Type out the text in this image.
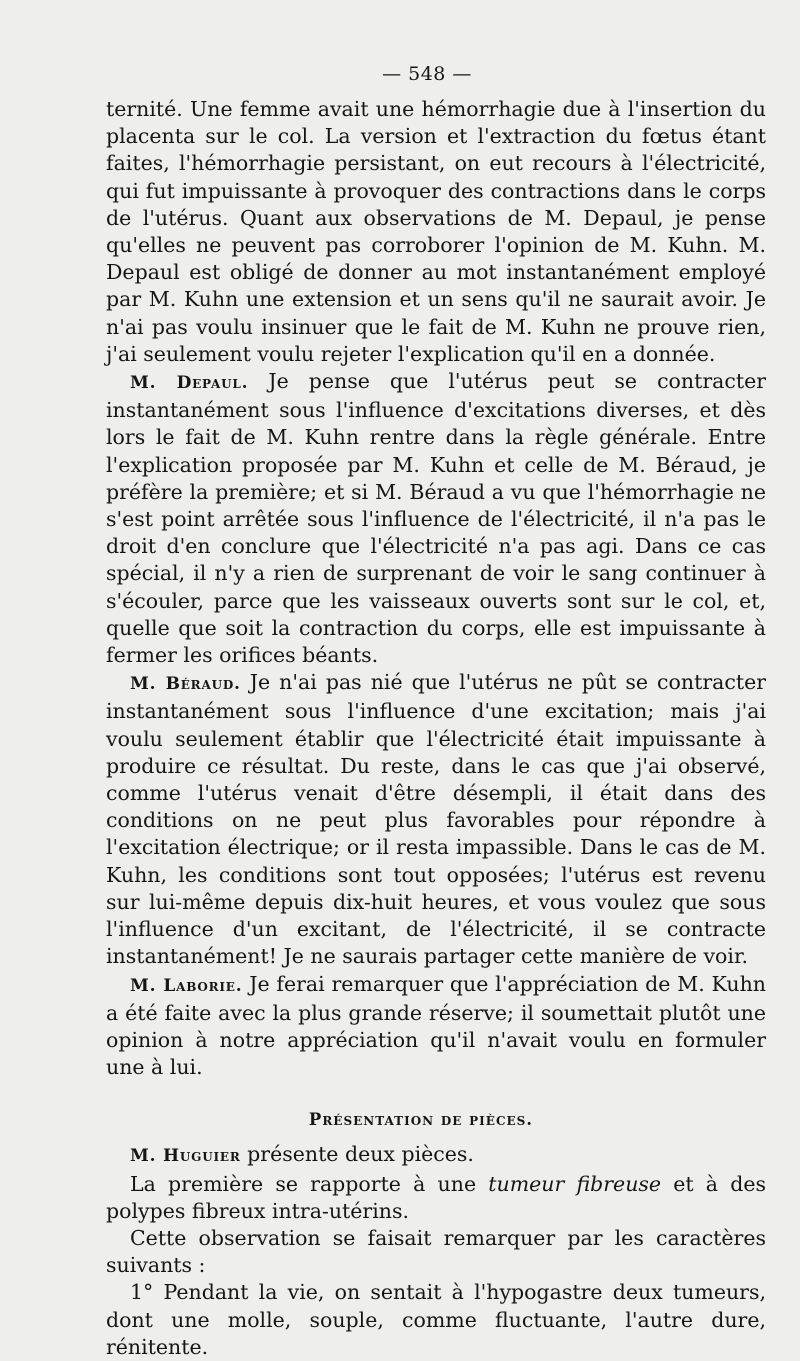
— 548 —

ternité. Une femme avait une hémorrhagie due à l'insertion du placenta sur le col. La version et l'extraction du fœtus étant faites, l'hémorrhagie persistant, on eut recours à l'électricité, qui fut impuissante à provoquer des contractions dans le corps de l'utérus. Quant aux observations de M. Depaul, je pense qu'elles ne peuvent pas corroborer l'opinion de M. Kuhn. M. Depaul est obligé de donner au mot instantanément employé par M. Kuhn une extension et un sens qu'il ne saurait avoir. Je n'ai pas voulu insinuer que le fait de M. Kuhn ne prouve rien, j'ai seulement voulu rejeter l'explication qu'il en a donnée.

M. Depaul. Je pense que l'utérus peut se contracter instantanément sous l'influence d'excitations diverses, et dès lors le fait de M. Kuhn rentre dans la règle générale. Entre l'explication proposée par M. Kuhn et celle de M. Béraud, je préfère la première; et si M. Béraud a vu que l'hémorrhagie ne s'est point arrêtée sous l'influence de l'électricité, il n'a pas le droit d'en conclure que l'électricité n'a pas agi. Dans ce cas spécial, il n'y a rien de surprenant de voir le sang continuer à s'écouler, parce que les vaisseaux ouverts sont sur le col, et, quelle que soit la contraction du corps, elle est impuissante à fermer les orifices béants.

M. Béraud. Je n'ai pas nié que l'utérus ne pût se contracter instantanément sous l'influence d'une excitation; mais j'ai voulu seulement établir que l'électricité était impuissante à produire ce résultat. Du reste, dans le cas que j'ai observé, comme l'utérus venait d'être désempli, il était dans des conditions on ne peut plus favorables pour répondre à l'excitation électrique; or il resta impassible. Dans le cas de M. Kuhn, les conditions sont tout opposées; l'utérus est revenu sur lui-même depuis dix-huit heures, et vous voulez que sous l'influence d'un excitant, de l'électricité, il se contracte instantanément! Je ne saurais partager cette manière de voir.

M. Laborie. Je ferai remarquer que l'appréciation de M. Kuhn a été faite avec la plus grande réserve; il soumettait plutôt une opinion à notre appréciation qu'il n'avait voulu en formuler une à lui.

Présentation de pièces.

M. Huguier présente deux pièces.

La première se rapporte à une tumeur fibreuse et à des polypes fibreux intra-utérins.

Cette observation se faisait remarquer par les caractères suivants :

1° Pendant la vie, on sentait à l'hypogastre deux tumeurs, dont une molle, souple, comme fluctuante, l'autre dure, rénitente.
